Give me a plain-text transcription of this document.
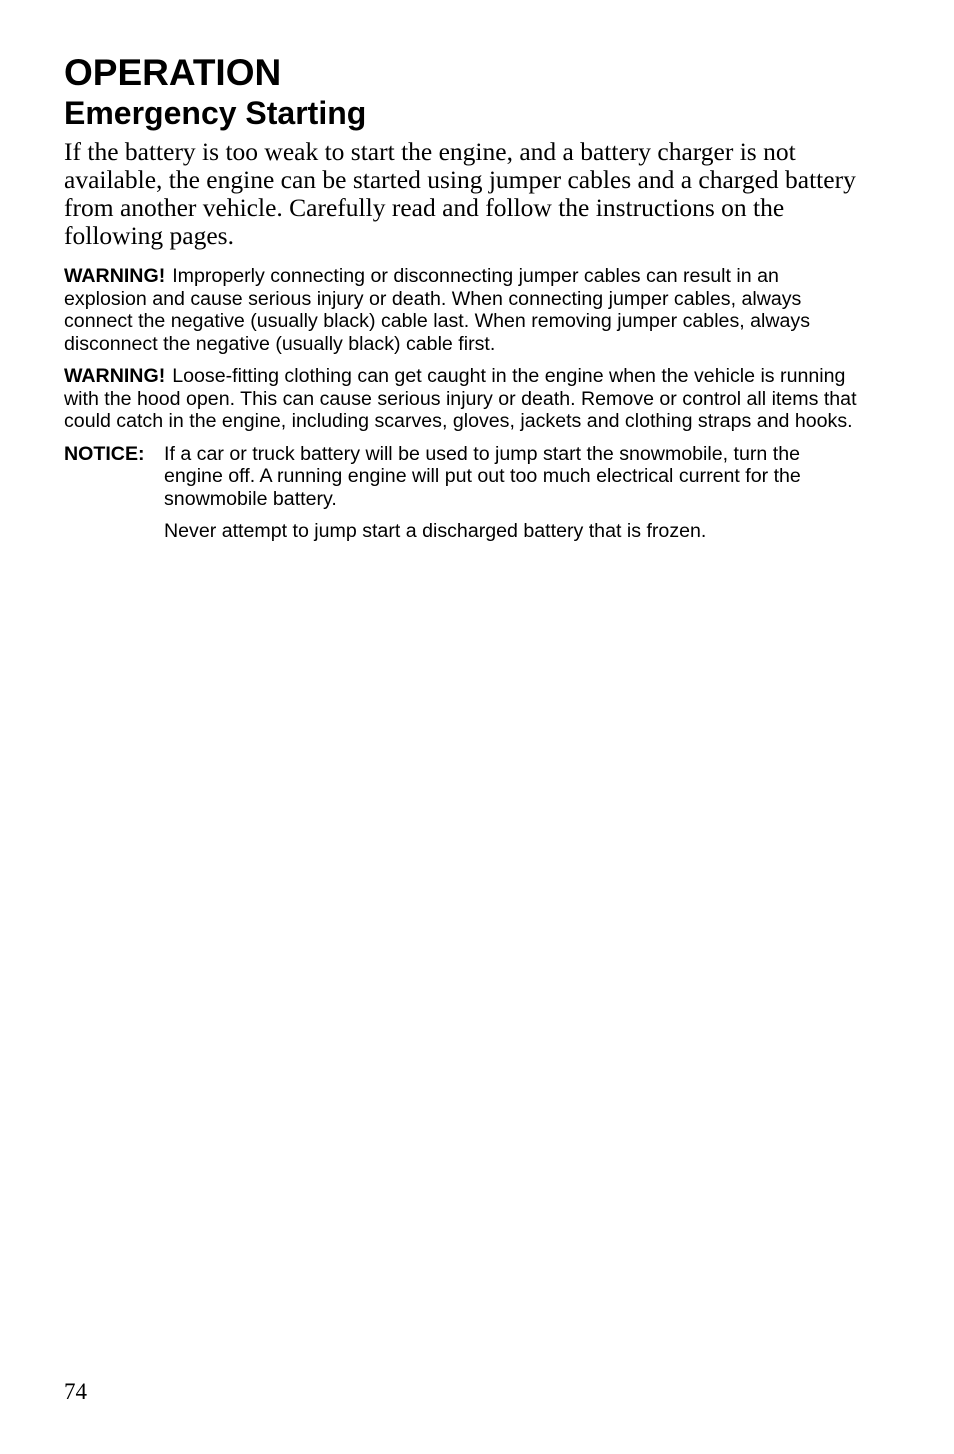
OPERATION
Emergency Starting

If the battery is too weak to start the engine, and a battery charger is not available, the engine can be started using jumper cables and a charged battery from another vehicle. Carefully read and follow the instructions on the following pages.

WARNING! Improperly connecting or disconnecting jumper cables can result in an explosion and cause serious injury or death. When connecting jumper cables, always connect the negative (usually black) cable last. When removing jumper cables, always disconnect the negative (usually black) cable first.

WARNING! Loose-fitting clothing can get caught in the engine when the vehicle is running with the hood open. This can cause serious injury or death. Remove or control all items that could catch in the engine, including scarves, gloves, jackets and clothing straps and hooks.

NOTICE: If a car or truck battery will be used to jump start the snowmobile, turn the engine off. A running engine will put out too much electrical current for the snowmobile battery.

Never attempt to jump start a discharged battery that is frozen.

74
